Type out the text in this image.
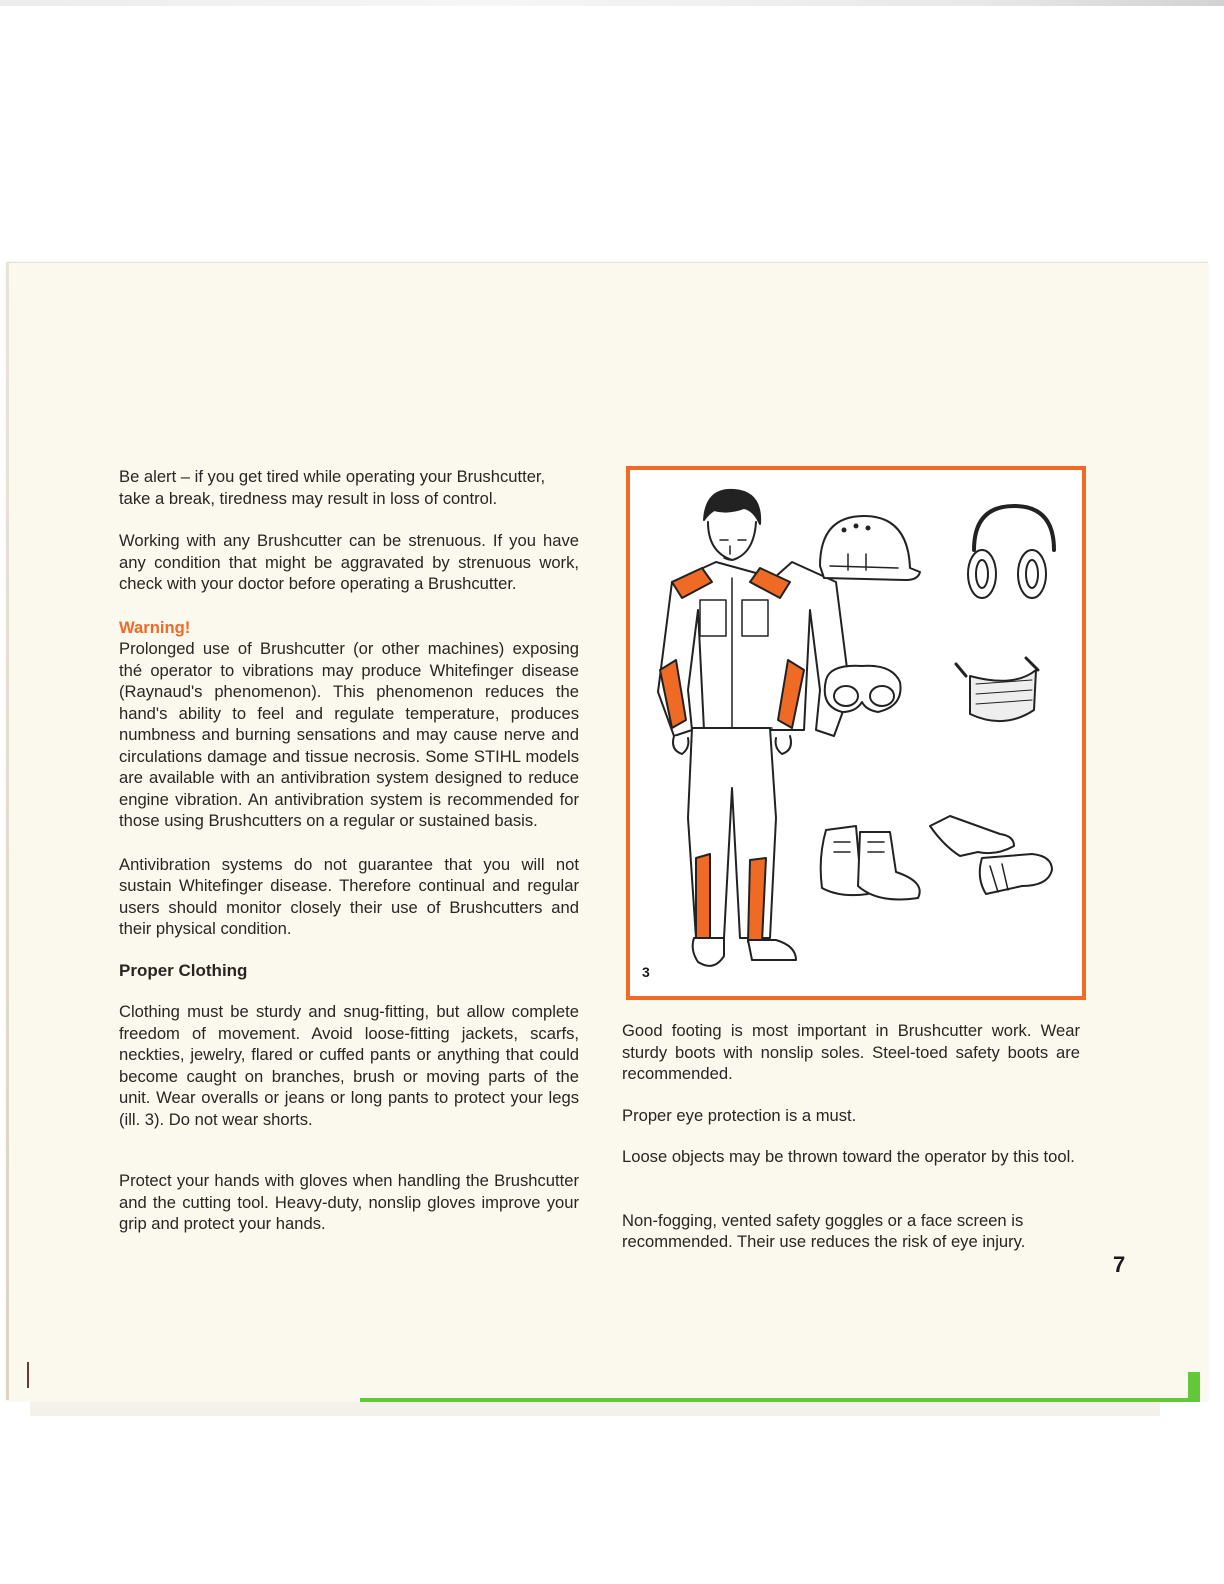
Be alert – if you get tired while operating your Brushcutter, take a break, tiredness may result in loss of control.

Working with any Brushcutter can be strenuous. If you have any condition that might be aggravated by strenuous work, check with your doctor before operating a Brushcutter.

Warning!

Prolonged use of Brushcutter (or other machines) exposing thé operator to vibrations may produce Whitefinger disease (Raynaud's phenomenon). This phenomenon reduces the hand's ability to feel and regulate temperature, produces numbness and burning sensations and may cause nerve and circulations damage and tissue necrosis. Some STIHL models are available with an antivibration system designed to reduce engine vibration. An antivibration system is recommended for those using Brushcutters on a regular or sustained basis.

Antivibration systems do not guarantee that you will not sustain Whitefinger disease. Therefore continual and regular users should monitor closely their use of Brushcutters and their physical condition.

Proper Clothing

Clothing must be sturdy and snug-fitting, but allow complete freedom of movement. Avoid loose-fitting jackets, scarfs, neckties, jewelry, flared or cuffed pants or anything that could become caught on branches, brush or moving parts of the unit. Wear overalls or jeans or long pants to protect your legs (ill. 3). Do not wear shorts.

Protect your hands with gloves when handling the Brushcutter and the cutting tool. Heavy-duty, nonslip gloves improve your grip and protect your hands.

3

Good footing is most important in Brushcutter work. Wear sturdy boots with nonslip soles. Steel-toed safety boots are recommended.

Proper eye protection is a must.

Loose objects may be thrown toward the operator by this tool.

Non-fogging, vented safety goggles or a face screen is recommended. Their use reduces the risk of eye injury.

7
